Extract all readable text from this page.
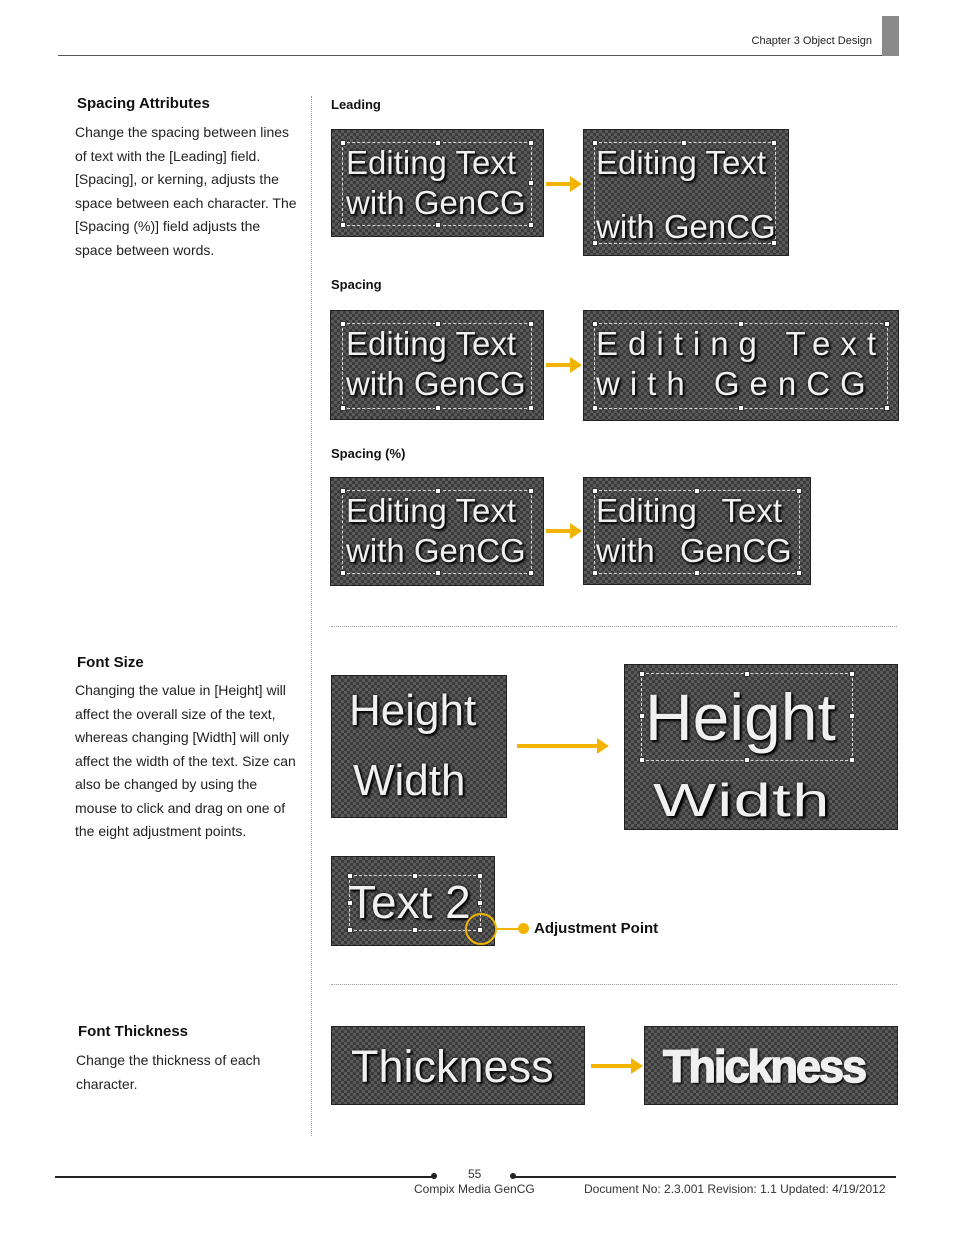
Chapter 3 Object Design
Spacing Attributes
Change the spacing between lines of text with the [Leading] field. [Spacing], or kerning, adjusts the space between each character. The [Spacing (%)] field adjusts the space between words.
Font Size
Changing the value in [Height] will affect the overall size of the text, whereas changing [Width] will only affect the width of the text. Size can also be changed by using the mouse to click and drag on one of the eight adjustment points.
Font Thickness
Change the thickness of each character.
Leading
Editing Text
with GenCG
Editing Text
with GenCG
Spacing
Editing Text
with GenCG
Editing Text
with GenCG
Spacing (%)
Editing Text
with GenCG
Editing Text
with GenCG
Height
Width
Height
Width
Text 2
Adjustment Point
Thickness Thickness
55
Compix Media GenCG	Document No: 2.3.001 Revision: 1.1 Updated: 4/19/2012
